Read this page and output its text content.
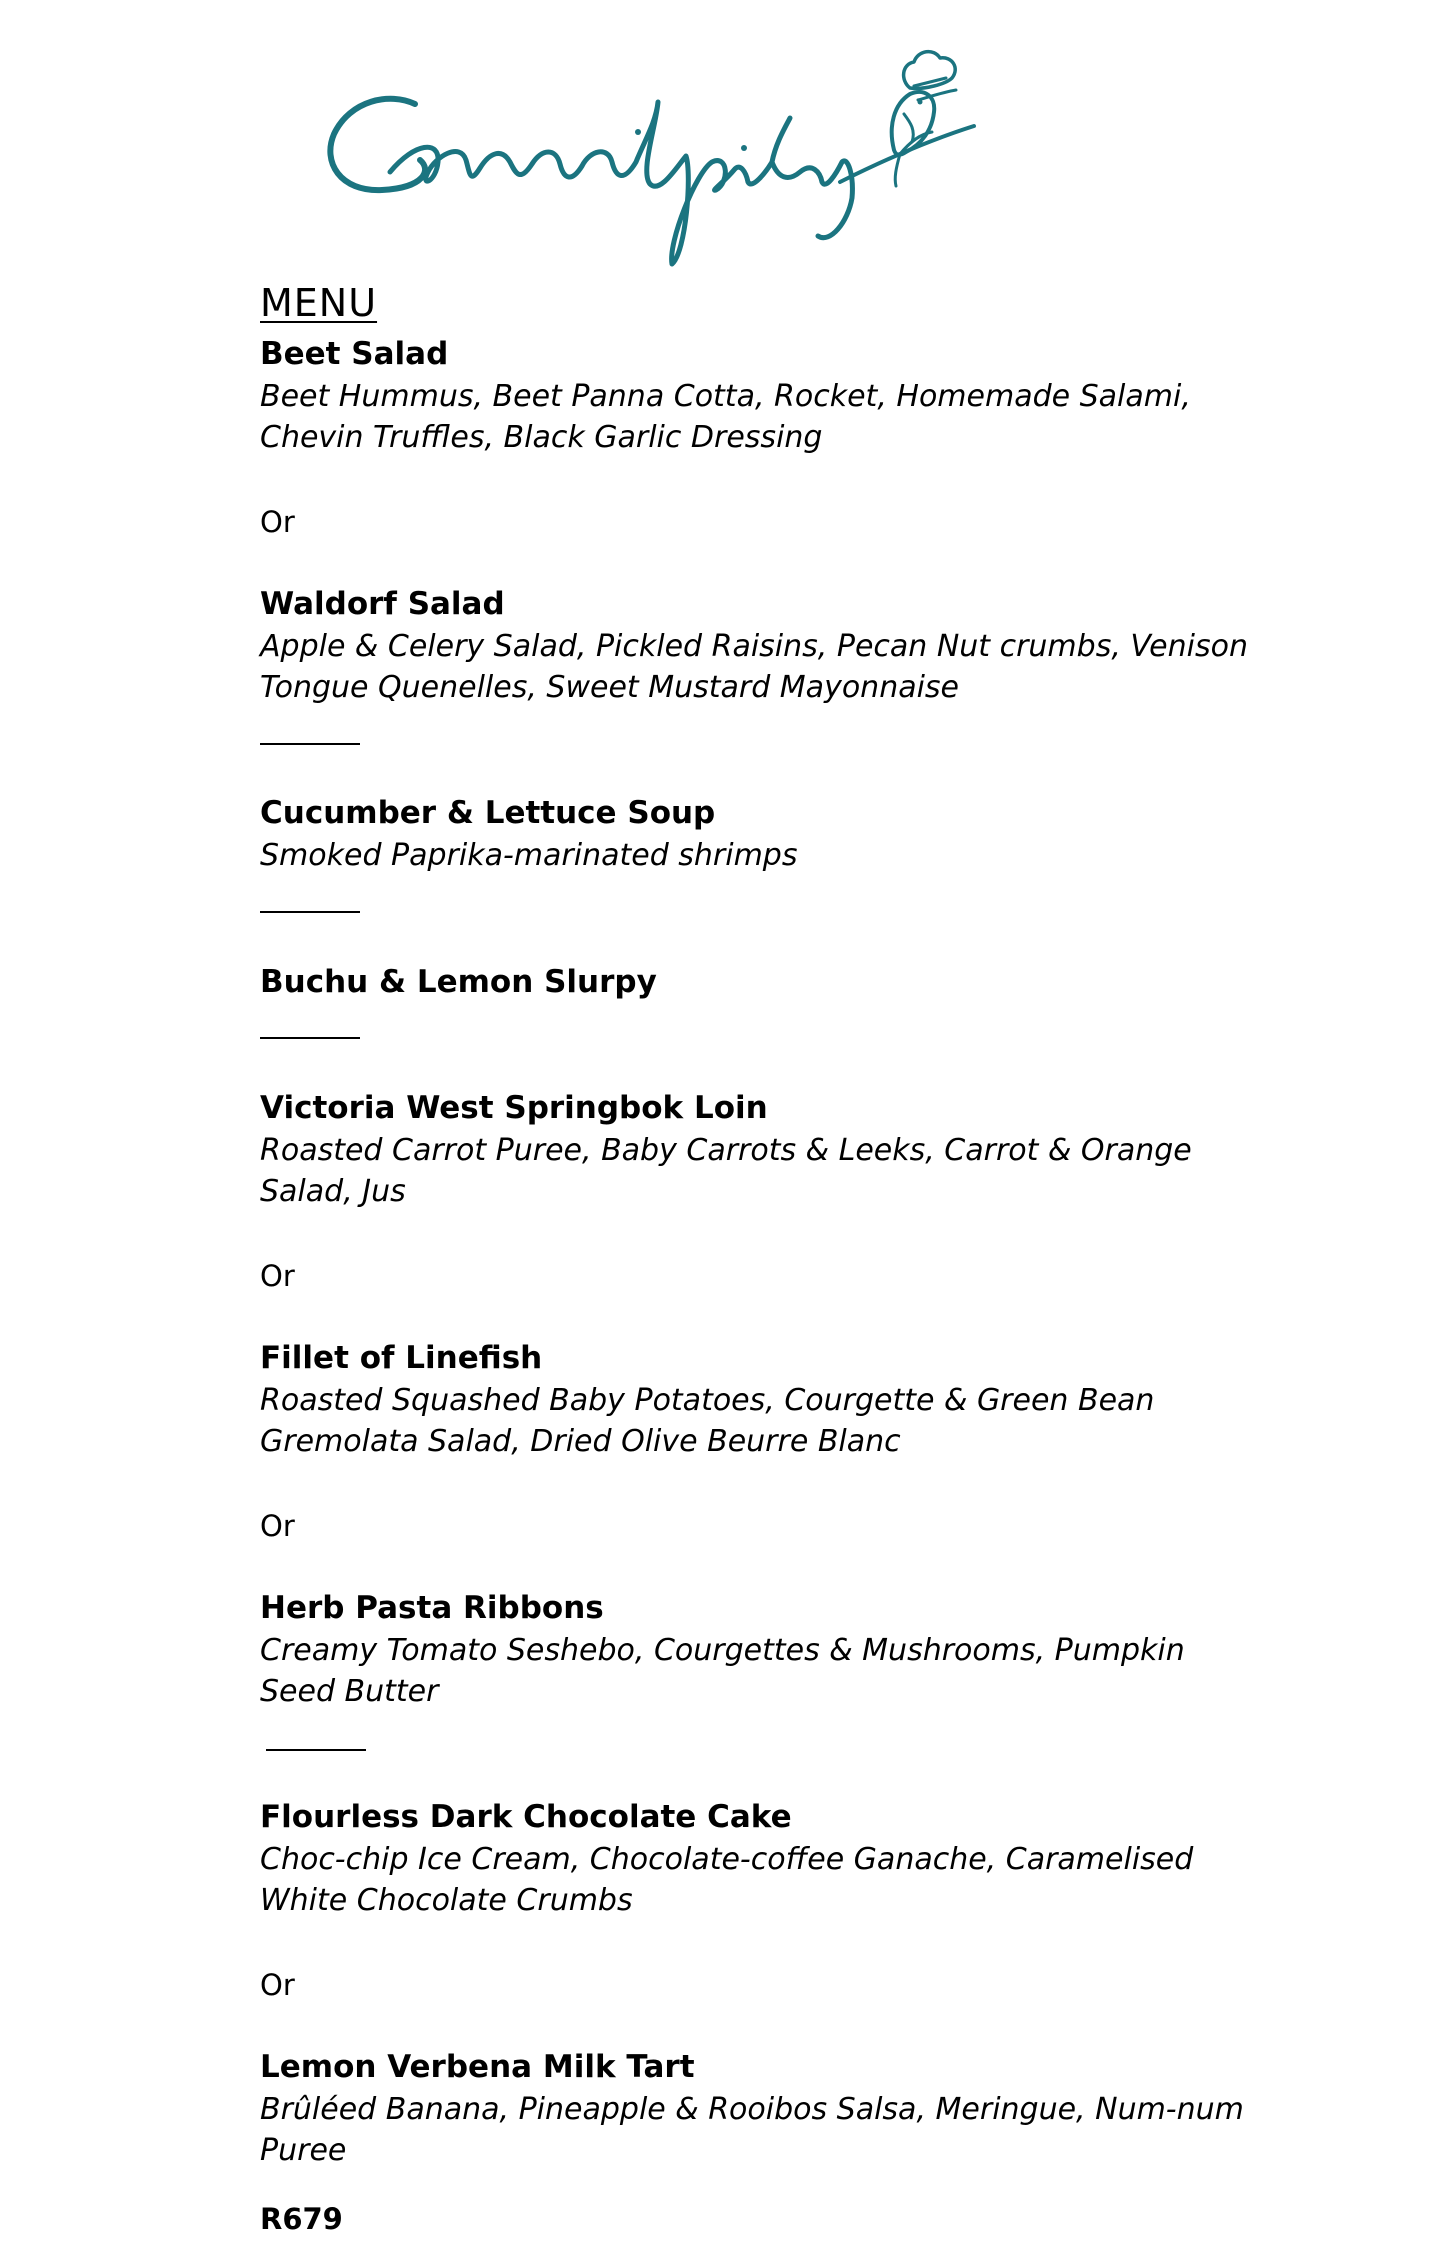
MENU
Beet Salad
Beet Hummus, Beet Panna Cotta, Rocket, Homemade Salami,
Chevin Truffles, Black Garlic Dressing
Or
Waldorf Salad
Apple & Celery Salad, Pickled Raisins, Pecan Nut crumbs, Venison
Tongue Quenelles, Sweet Mustard Mayonnaise
Cucumber & Lettuce Soup
Smoked Paprika-marinated shrimps
Buchu & Lemon Slurpy
Victoria West Springbok Loin
Roasted Carrot Puree, Baby Carrots & Leeks, Carrot & Orange
Salad, Jus
Or
Fillet of Linefish
Roasted Squashed Baby Potatoes, Courgette & Green Bean
Gremolata Salad, Dried Olive Beurre Blanc
Or
Herb Pasta Ribbons
Creamy Tomato Seshebo, Courgettes & Mushrooms, Pumpkin
Seed Butter
Flourless Dark Chocolate Cake
Choc-chip Ice Cream, Chocolate-coffee Ganache, Caramelised
White Chocolate Crumbs
Or
Lemon Verbena Milk Tart
Brûléed Banana, Pineapple & Rooibos Salsa, Meringue, Num-num
Puree
R679
